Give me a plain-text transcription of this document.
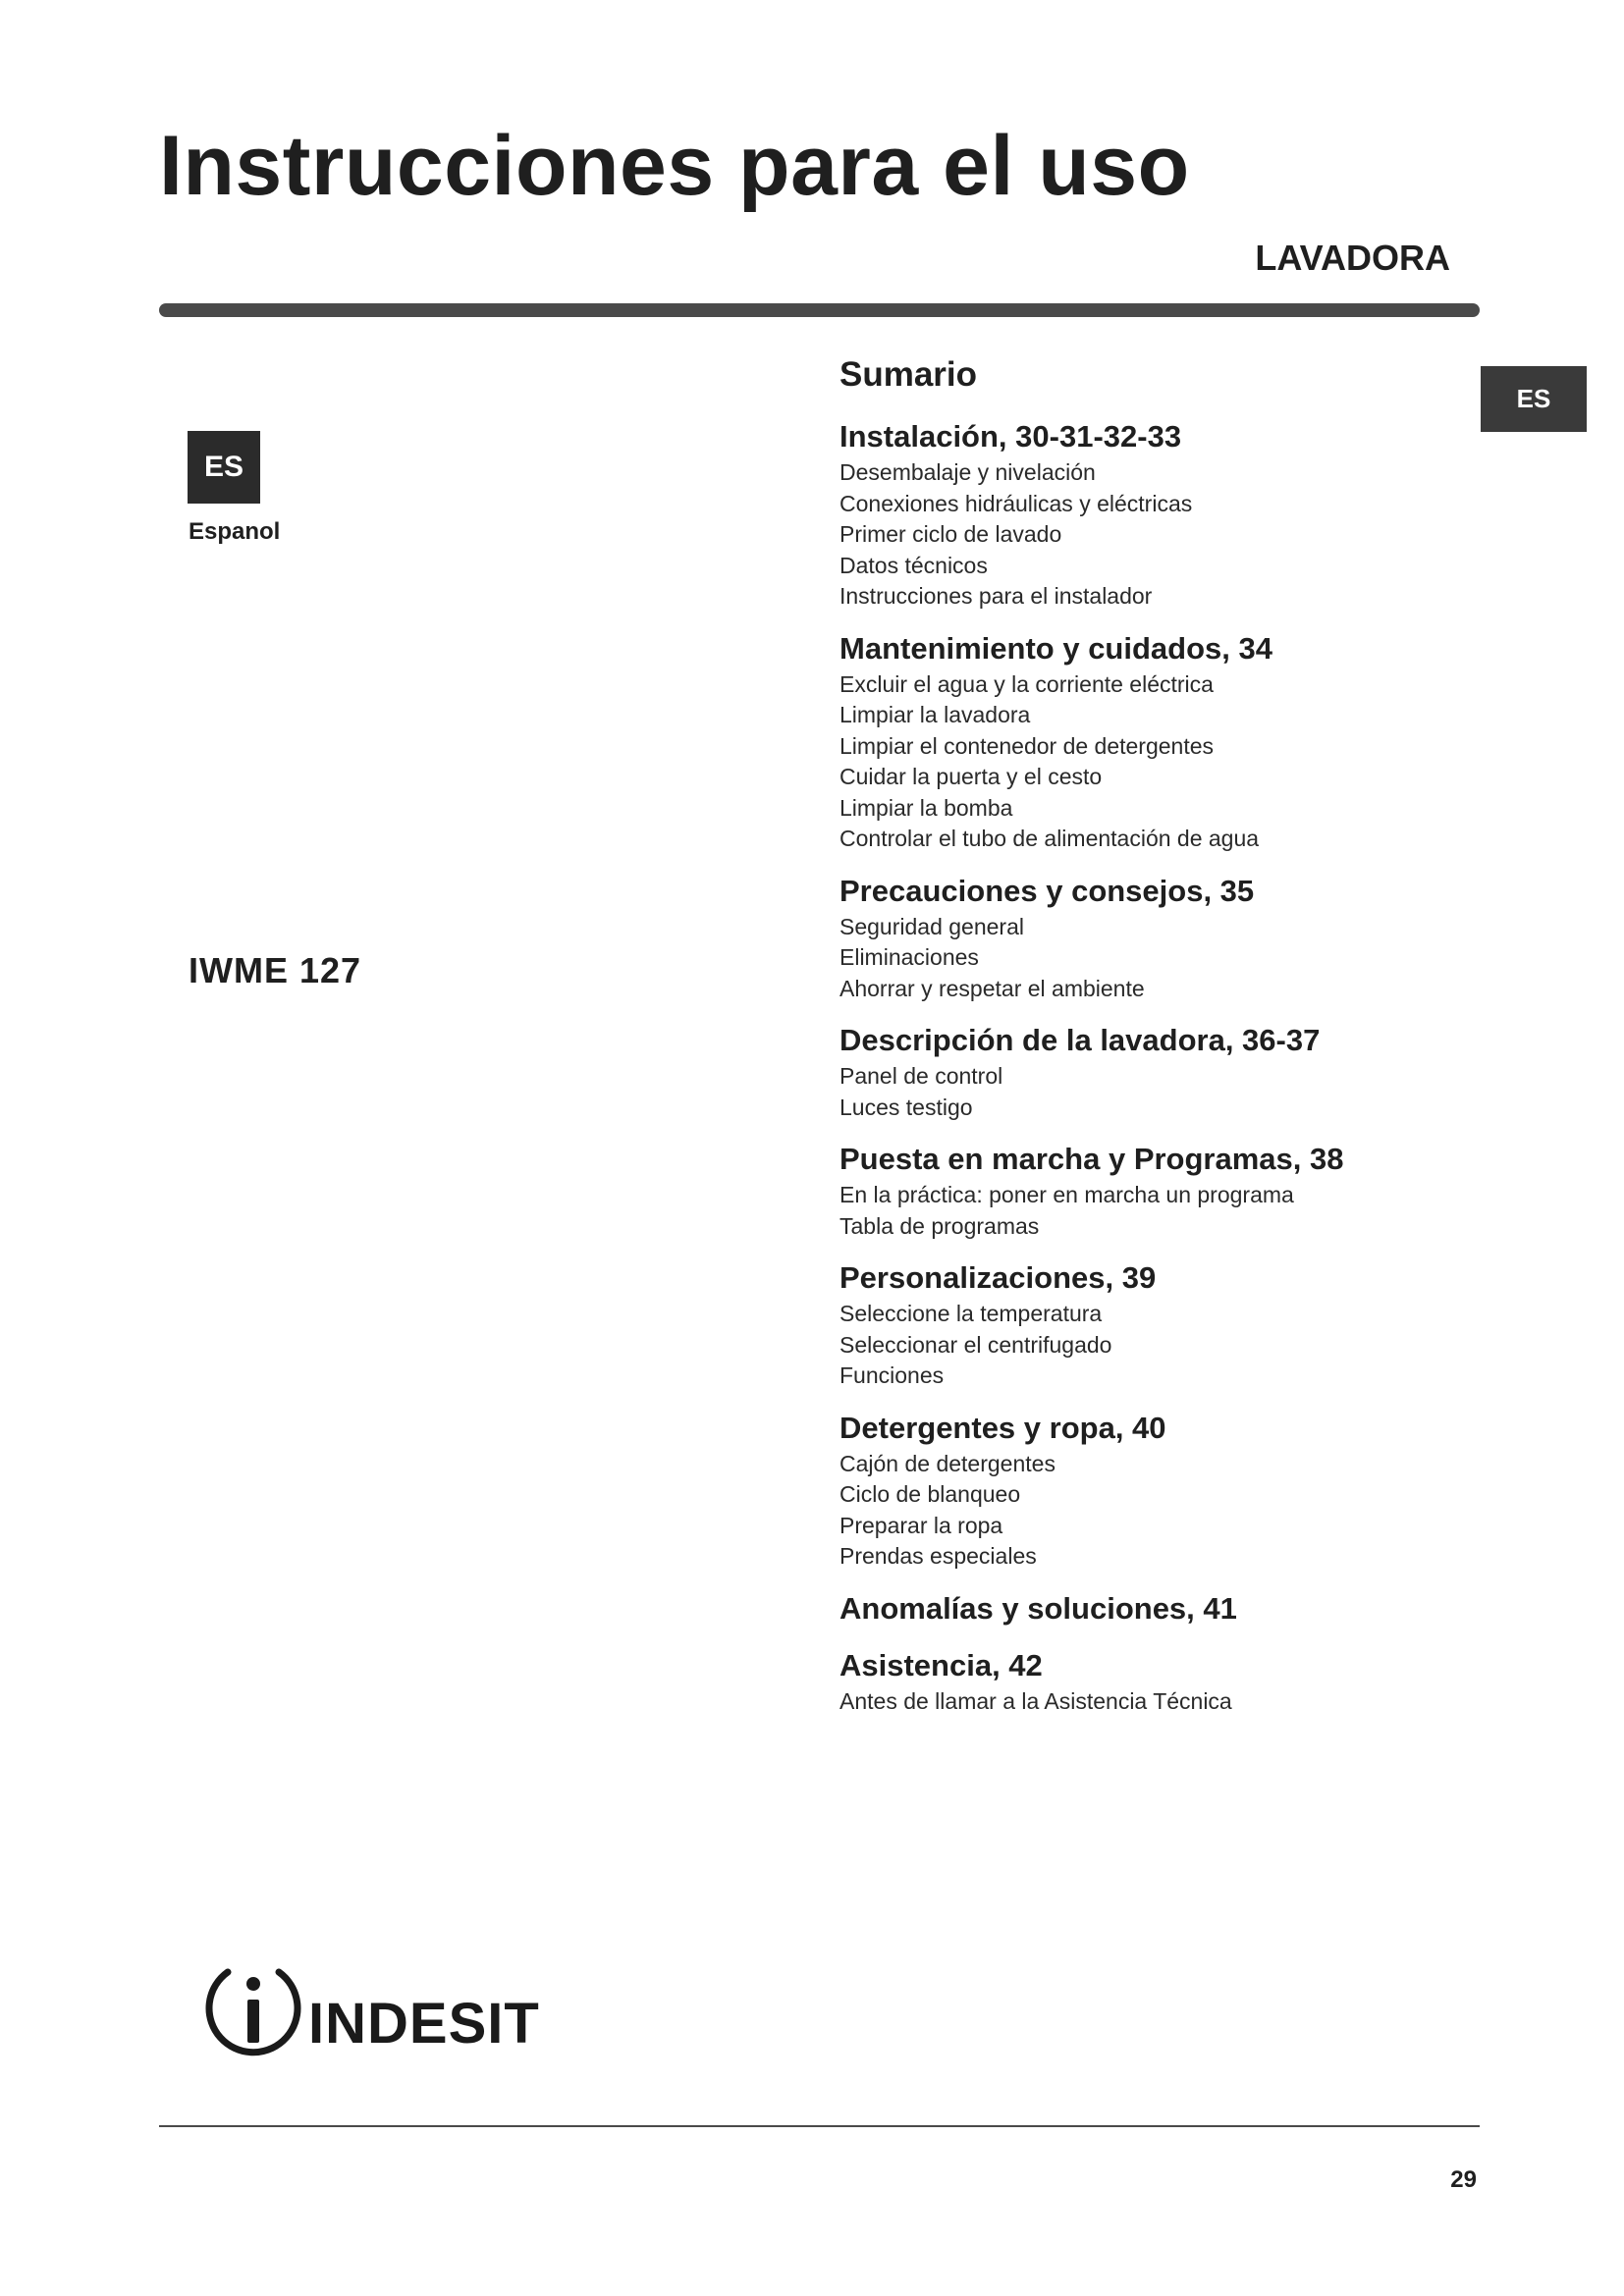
Instrucciones para el uso
LAVADORA
ES
Espanol
ES
IWME 127
Sumario
Instalación, 30-31-32-33
Desembalaje y nivelación
Conexiones hidráulicas y eléctricas
Primer ciclo de lavado
Datos técnicos
Instrucciones para el instalador
Mantenimiento y cuidados, 34
Excluir el agua y la corriente eléctrica
Limpiar la lavadora
Limpiar el contenedor de detergentes
Cuidar la puerta y el cesto
Limpiar la bomba
Controlar el tubo de alimentación de agua
Precauciones y consejos, 35
Seguridad general
Eliminaciones
Ahorrar y respetar el ambiente
Descripción de la lavadora, 36-37
Panel de control
Luces testigo
Puesta en marcha y Programas, 38
En la práctica: poner en marcha un programa
Tabla de programas
Personalizaciones, 39
Seleccione la temperatura
Seleccionar el centrifugado
Funciones
Detergentes y ropa, 40
Cajón de detergentes
Ciclo de blanqueo
Preparar la ropa
Prendas especiales
Anomalías y soluciones, 41
Asistencia, 42
Antes de llamar a la Asistencia Técnica
INDESIT
29
